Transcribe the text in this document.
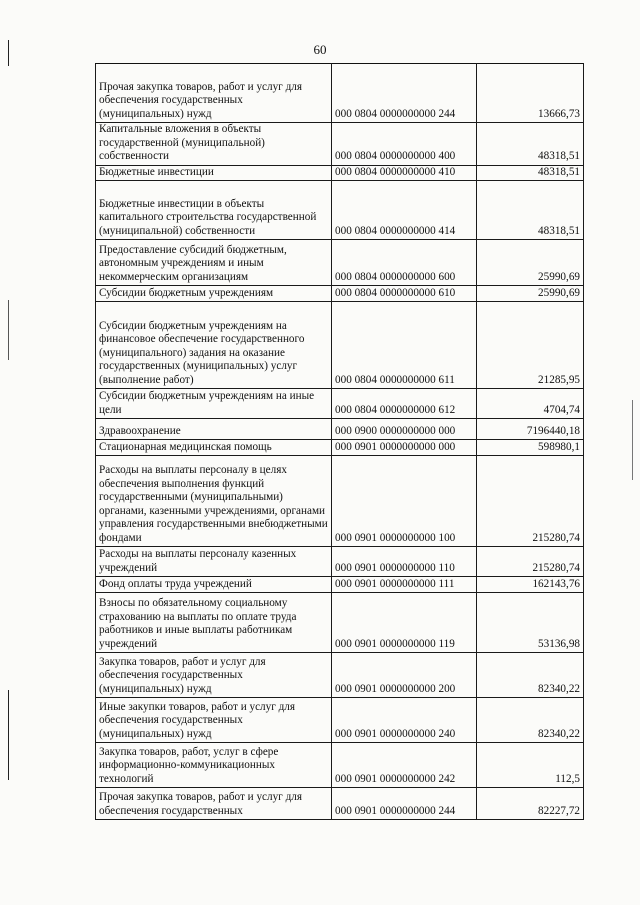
60
Прочая закупка товаров, работ и услуг для обеспечения государственных (муниципальных) нужд	000 0804 0000000000 244	13666,73
Капитальные вложения в объекты государственной (муниципальной) собственности	000 0804 0000000000 400	48318,51
Бюджетные инвестиции	000 0804 0000000000 410	48318,51
Бюджетные инвестиции в объекты капитального строительства государственной (муниципальной) собственности	000 0804 0000000000 414	48318,51
Предоставление субсидий бюджетным, автономным учреждениям и иным некоммерческим организациям	000 0804 0000000000 600	25990,69
Субсидии бюджетным учреждениям	000 0804 0000000000 610	25990,69
Субсидии бюджетным учреждениям на финансовое обеспечение государственного (муниципального) задания на оказание государственных (муниципальных) услуг (выполнение работ)	000 0804 0000000000 611	21285,95
Субсидии бюджетным учреждениям на иные цели	000 0804 0000000000 612	4704,74
Здравоохранение	000 0900 0000000000 000	7196440,18
Стационарная медицинская помощь	000 0901 0000000000 000	598980,1
Расходы на выплаты персоналу в целях обеспечения выполнения функций государственными (муниципальными) органами, казенными учреждениями, органами управления государственными внебюджетными фондами	000 0901 0000000000 100	215280,74
Расходы на выплаты персоналу казенных учреждений	000 0901 0000000000 110	215280,74
Фонд оплаты труда учреждений	000 0901 0000000000 111	162143,76
Взносы по обязательному социальному страхованию на выплаты по оплате труда работников и иные выплаты работникам учреждений	000 0901 0000000000 119	53136,98
Закупка товаров, работ и услуг для обеспечения государственных (муниципальных) нужд	000 0901 0000000000 200	82340,22
Иные закупки товаров, работ и услуг для обеспечения государственных (муниципальных) нужд	000 0901 0000000000 240	82340,22
Закупка товаров, работ, услуг в сфере информационно-коммуникационных технологий	000 0901 0000000000 242	112,5
Прочая закупка товаров, работ и услуг для обеспечения государственных	000 0901 0000000000 244	82227,72
